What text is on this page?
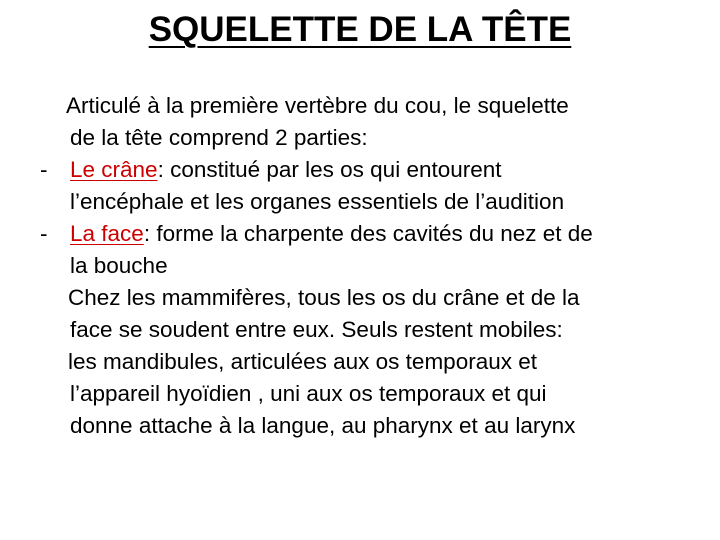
SQUELETTE DE LA TÊTE
Articulé à la première vertèbre du cou, le squelette
de la tête comprend 2 parties:
-	Le crâne: constitué par les os qui entourent
l’encéphale et les organes essentiels de l’audition
-	La face: forme la charpente des cavités du nez et de
la bouche
Chez les mammifères, tous les os du crâne et de la
face se soudent entre eux. Seuls restent mobiles:
les mandibules, articulées aux os temporaux et
l’appareil hyoïdien , uni aux os temporaux et qui
donne attache à la langue, au pharynx et au larynx
